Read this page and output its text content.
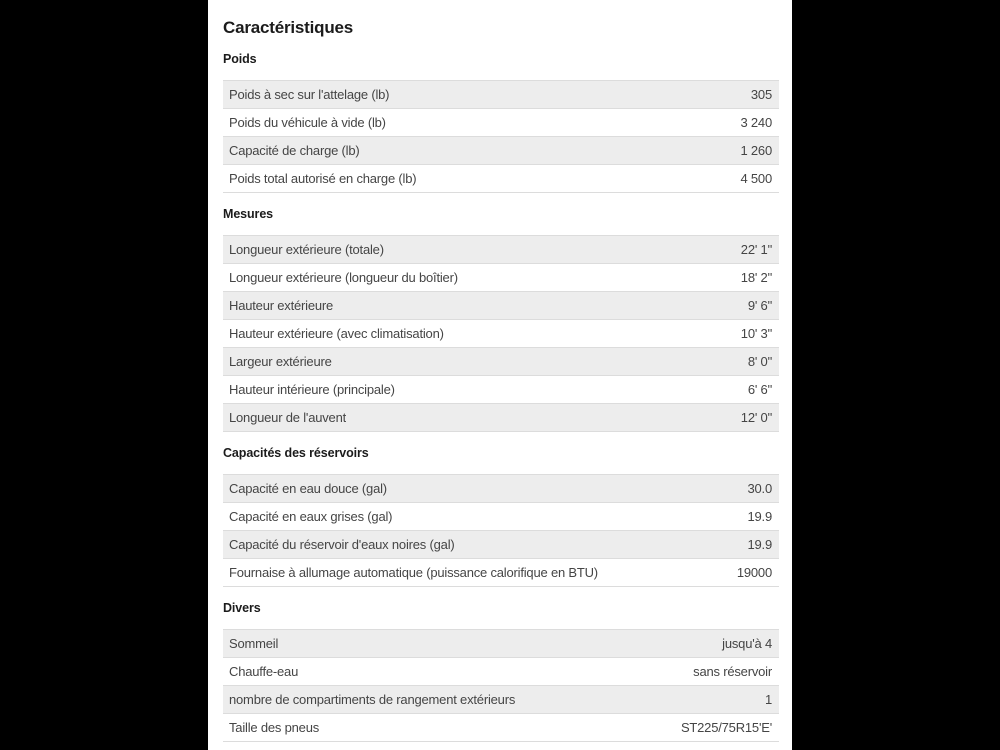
Caractéristiques
Poids
Poids à sec sur l'attelage (lb)	305
Poids du véhicule à vide (lb)	3 240
Capacité de charge (lb)	1 260
Poids total autorisé en charge (lb)	4 500
Mesures
Longueur extérieure (totale)	22' 1"
Longueur extérieure (longueur du boîtier)	18' 2"
Hauteur extérieure	9' 6"
Hauteur extérieure (avec climatisation)	10' 3"
Largeur extérieure	8' 0"
Hauteur intérieure (principale)	6' 6"
Longueur de l'auvent	12' 0"
Capacités des réservoirs
Capacité en eau douce (gal)	30.0
Capacité en eaux grises (gal)	19.9
Capacité du réservoir d'eaux noires (gal)	19.9
Fournaise à allumage automatique (puissance calorifique en BTU)	19000
Divers
Sommeil	jusqu'à 4
Chauffe-eau	sans réservoir
nombre de compartiments de rangement extérieurs	1
Taille des pneus	ST225/75R15'E'
